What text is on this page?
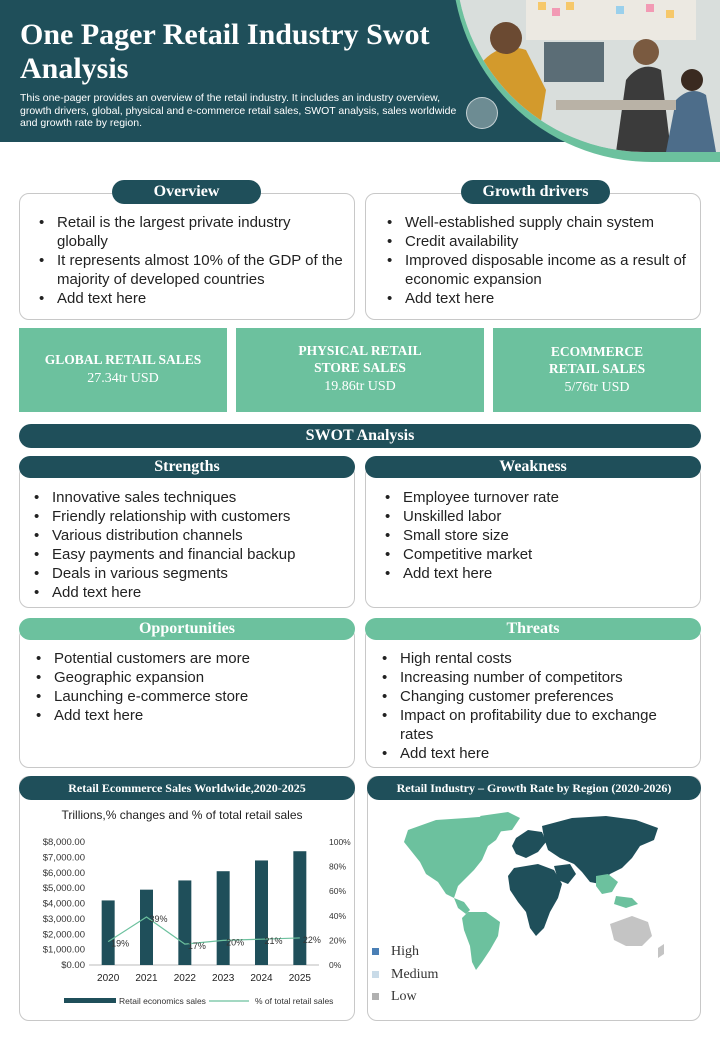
One Pager Retail Industry Swot Analysis
This one-pager provides an overview of the retail industry. It includes an industry overview, growth drivers, global, physical and e-commerce retail sales, SWOT analysis, sales worldwide and growth rate by region.
Overview
• Retail is the largest private industry globally
• It represents almost 10% of the GDP of the majority of developed countries
• Add text here
Growth drivers
• Well-established supply chain system
• Credit availability
• Improved disposable income as a result of economic expansion
• Add text here
GLOBAL RETAIL SALES
27.34tr USD
PHYSICAL RETAIL STORE SALES
19.86tr USD
ECOMMERCE RETAIL SALES
5/76tr USD
SWOT Analysis
Strengths
• Innovative sales techniques
• Friendly relationship with customers
• Various distribution channels
• Easy payments and financial backup
• Deals in various segments
• Add text here
Weakness
• Employee turnover rate
• Unskilled labor
• Small store size
• Competitive market
• Add text here
Opportunities
• Potential customers are more
• Geographic expansion
• Launching e-commerce store
• Add text here
Threats
• High rental costs
• Increasing number of competitors
• Changing customer preferences
• Impact on profitability due to exchange rates
• Add text here
Retail Ecommerce Sales Worldwide,2020-2025
Trillions,% changes and % of total retail sales
$0.00
$1,000.00
$2,000.00
$3,000.00
$4,000.00
$5,000.00
$6,000.00
$7,000.00
$8,000.00
0%
20%
40%
60%
80%
100%
2020 2021 2022 2023 2024 2025
19%
39%
17% 20% 21% 22%
Retail economics sales	% of total retail sales
Retail Industry – Growth Rate by Region (2020-2026)
High
Medium
Low
